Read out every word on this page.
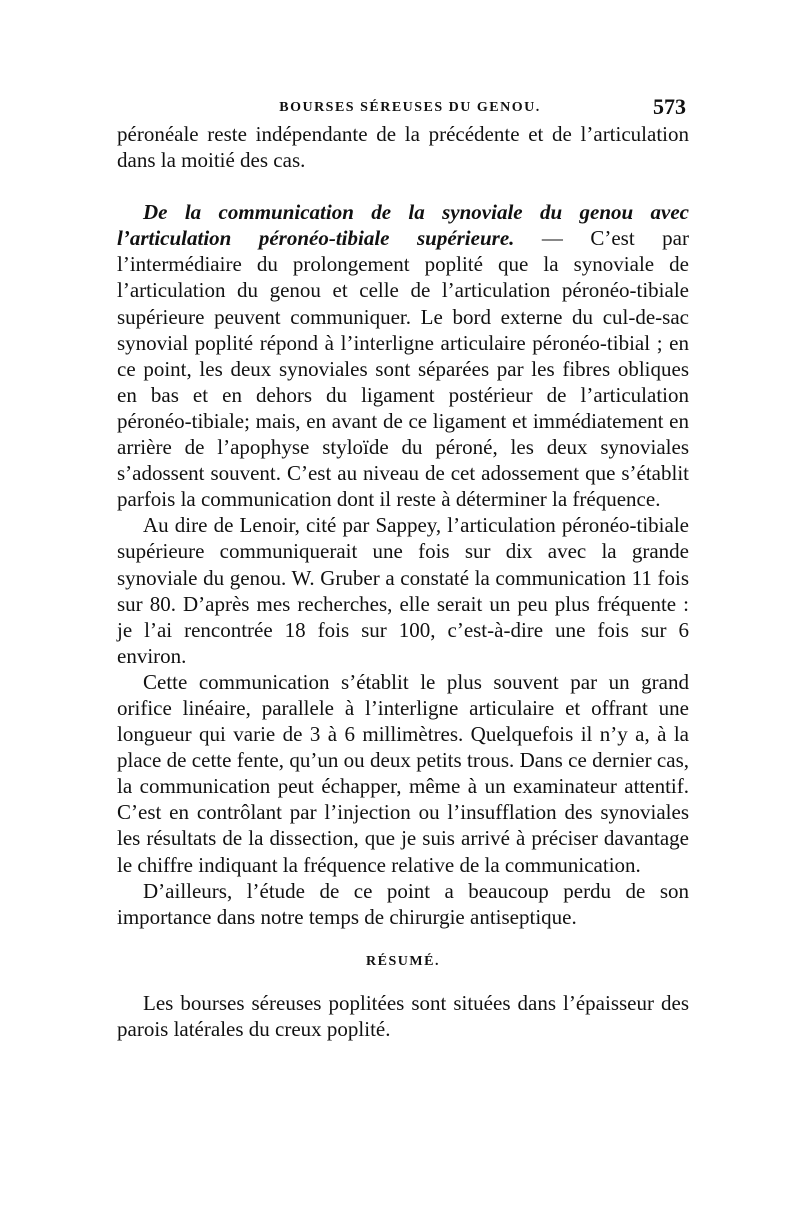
BOURSES SÉREUSES DU GENOU.	573

péronéale reste indépendante de la précédente et de l’articulation dans la moitié des cas.

De la communication de la synoviale du genou avec l’articulation péronéo-tibiale supérieure. — C’est par l’intermédiaire du prolongement poplité que la synoviale de l’articulation du genou et celle de l’articulation péronéo-tibiale supérieure peuvent communiquer. Le bord externe du cul-de-sac synovial poplité répond à l’interligne articulaire péronéo-tibial ; en ce point, les deux synoviales sont séparées par les fibres obliques en bas et en dehors du ligament postérieur de l’articulation péronéo-tibiale; mais, en avant de ce ligament et immédiatement en arrière de l’apophyse styloïde du péroné, les deux synoviales s’adossent souvent. C’est au niveau de cet adossement que s’établit parfois la communication dont il reste à déterminer la fréquence.

Au dire de Lenoir, cité par Sappey, l’articulation péronéo-tibiale supérieure communiquerait une fois sur dix avec la grande synoviale du genou. W. Gruber a constaté la communication 11 fois sur 80. D’après mes recherches, elle serait un peu plus fréquente : je l’ai rencontrée 18 fois sur 100, c’est-à-dire une fois sur 6 environ.

Cette communication s’établit le plus souvent par un grand orifice linéaire, parallele à l’interligne articulaire et offrant une longueur qui varie de 3 à 6 millimètres. Quelquefois il n’y a, à la place de cette fente, qu’un ou deux petits trous. Dans ce dernier cas, la communication peut échapper, même à un examinateur attentif. C’est en contrôlant par l’injection ou l’insufflation des synoviales les résultats de la dissection, que je suis arrivé à préciser davantage le chiffre indiquant la fréquence relative de la communication.

D’ailleurs, l’étude de ce point a beaucoup perdu de son importance dans notre temps de chirurgie antiseptique.

RÉSUMÉ.

Les bourses séreuses poplitées sont situées dans l’épaisseur des parois latérales du creux poplité.
